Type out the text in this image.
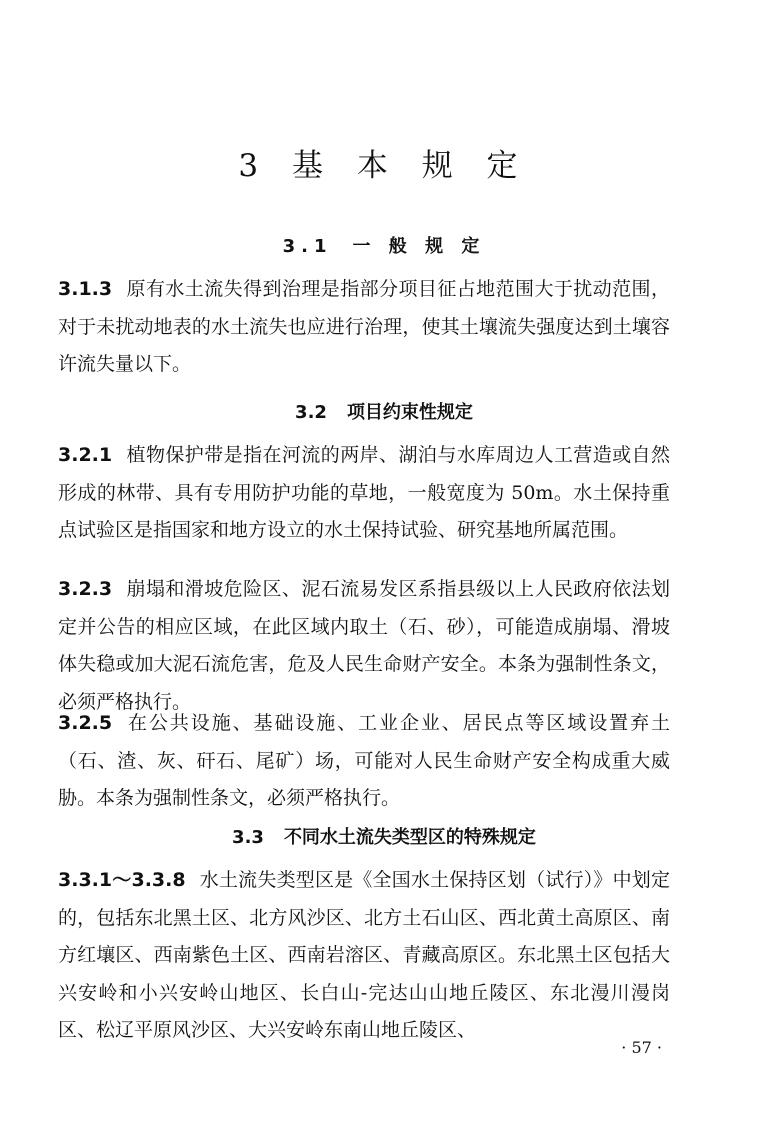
3 基 本 规 定
3.1 一 般 规 定

3.1.3 原有水土流失得到治理是指部分项目征占地范围大于扰动范围，对于未扰动地表的水土流失也应进行治理，使其土壤流失强度达到土壤容许流失量以下。

3.2 项目约束性规定

3.2.1 植物保护带是指在河流的两岸、湖泊与水库周边人工营造或自然形成的林带、具有专用防护功能的草地，一般宽度为 50m。水土保持重点试验区是指国家和地方设立的水土保持试验、研究基地所属范围。

3.2.3 崩塌和滑坡危险区、泥石流易发区系指县级以上人民政府依法划定并公告的相应区域，在此区域内取土（石、砂），可能造成崩塌、滑坡体失稳或加大泥石流危害，危及人民生命财产安全。本条为强制性条文，必须严格执行。

3.2.5 在公共设施、基础设施、工业企业、居民点等区域设置弃土（石、渣、灰、矸石、尾矿）场，可能对人民生命财产安全构成重大威胁。本条为强制性条文，必须严格执行。

3.3 不同水土流失类型区的特殊规定

3.3.1～3.3.8 水土流失类型区是《全国水土保持区划（试行）》中划定的，包括东北黑土区、北方风沙区、北方土石山区、西北黄土高原区、南方红壤区、西南紫色土区、西南岩溶区、青藏高原区。东北黑土区包括大兴安岭和小兴安岭山地区、长白山-完达山山地丘陵区、东北漫川漫岗区、松辽平原风沙区、大兴安岭东南山地丘陵区、

· 57 ·
